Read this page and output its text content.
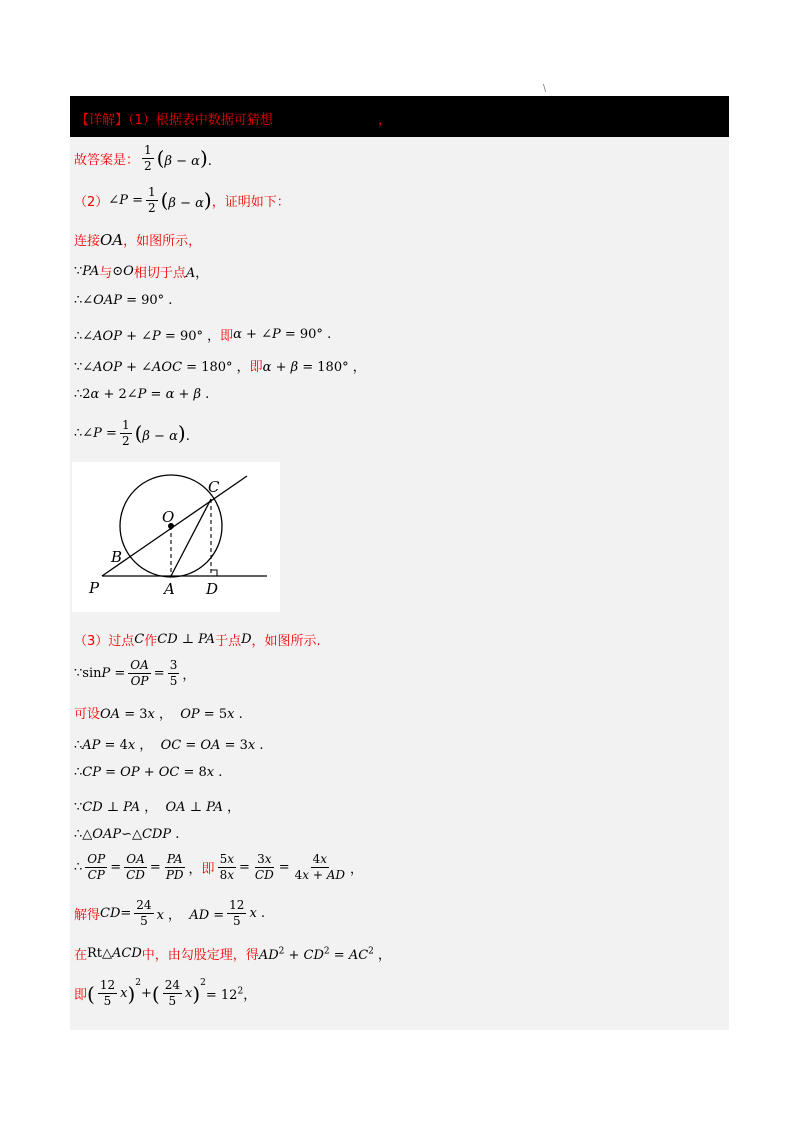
\
【详解】（1）根据表中数据可猜想	，
故答案是： $\frac{1}{2} (\beta - \alpha)$.
（2） ∠P = $\frac{1}{2} (\beta - \alpha)$ ，证明如下：
连接 OA ，如图所示，
∵PA 与 ⊙O 相切于点 A，
∴∠OAP = 90° .
∴∠AOP + ∠P = 90° ， 即 α + ∠P = 90° .
∵∠AOP + ∠AOC = 180° ， 即 α + β = 180° ，
∴2α + 2∠P = α + β .
∴∠P = $\frac{1}{2} (\beta - \alpha)$.
O
C
B
P	A D
（3）过点 C 作 CD ⊥ PA 于点 D ，如图所示.
∵sinP = $\frac{OA}{OP} = \frac{3}{5}$ ，
可设 OA = 3x ，  OP = 5x .
∴AP = 4x ，  OC = OA = 3x .
∴CP = OP + OC = 8x .
∵CD ⊥ PA ，  OA ⊥ PA ，
∴△OAP∽△CDP .
∴ $\frac{OP}{CP} = \frac{OA}{CD} = \frac{PA}{PD}$ ， 即 $\frac{5x}{8x} = \frac{3x}{CD} = \frac{4x}{4x + AD}$ ，
解得 CD = $\frac{24}{5}$ x ，  AD = $\frac{12}{5}$ x .
在 Rt△ACD 中，由勾股定理，得 $AD^2 + CD^2 = AC^2$ ，
即 ( $\frac{12}{5}$ x )$^2$
+ ( $\frac{24}{5}$ x )$^2$
= $12^2$，
